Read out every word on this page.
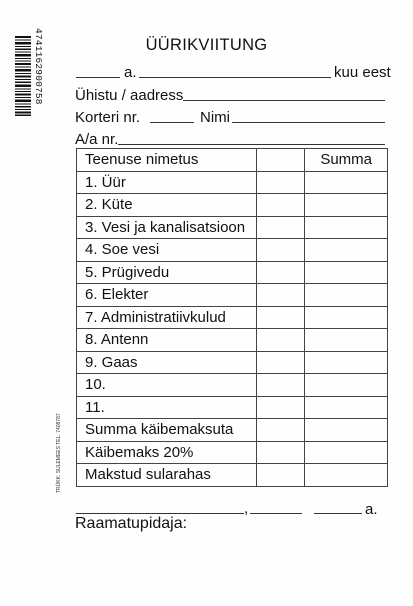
4741162900758
TRÜKK: SULEMEES TEL: 7408787
ÜÜRIKVIITUNG
a.	kuu eest
Ühistu / aadress
Korteri nr.	Nimi
A/a nr.
Teenuse nimetus		Summa
1. Üür		
2. Küte		
3. Vesi ja kanalisatsioon		
4. Soe vesi		
5. Prügivedu		
6. Elekter		
7. Administratiivkulud		
8. Antenn		
9. Gaas		
10.		
11.		
Summa käibemaksuta		
Käibemaks 20%		
Makstud sularahas		
,	a.
Raamatupidaja:
